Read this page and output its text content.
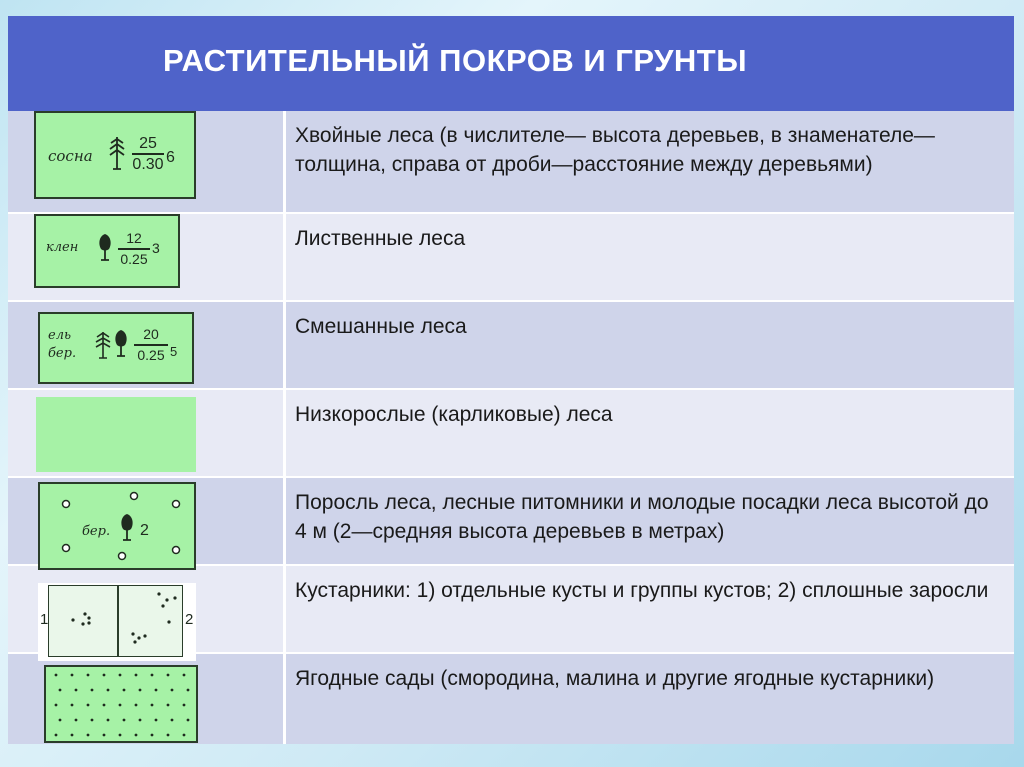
РАСТИТЕЛЬНЫЙ ПОКРОВ И ГРУНТЫ
Хвойные леса (в числителе— высота деревьев, в знаменателе—толщина, справа от дроби—расстояние между деревьями)
Лиственные леса
Смешанные леса
Низкорослые (карликовые) леса
Поросль леса, лесные питомники и молодые посадки леса высотой до 4 м (2—средняя высота деревьев в метрах)
Кустарники: 1) отдельные кусты и группы кустов; 2) сплошные заросли
Ягодные сады (смородина, малина и другие ягодные кустарники)
сосна
25
0.30 6
клен
12
0.25
3
ель
бер.
20
0.25 5
бер. 2
1	2
